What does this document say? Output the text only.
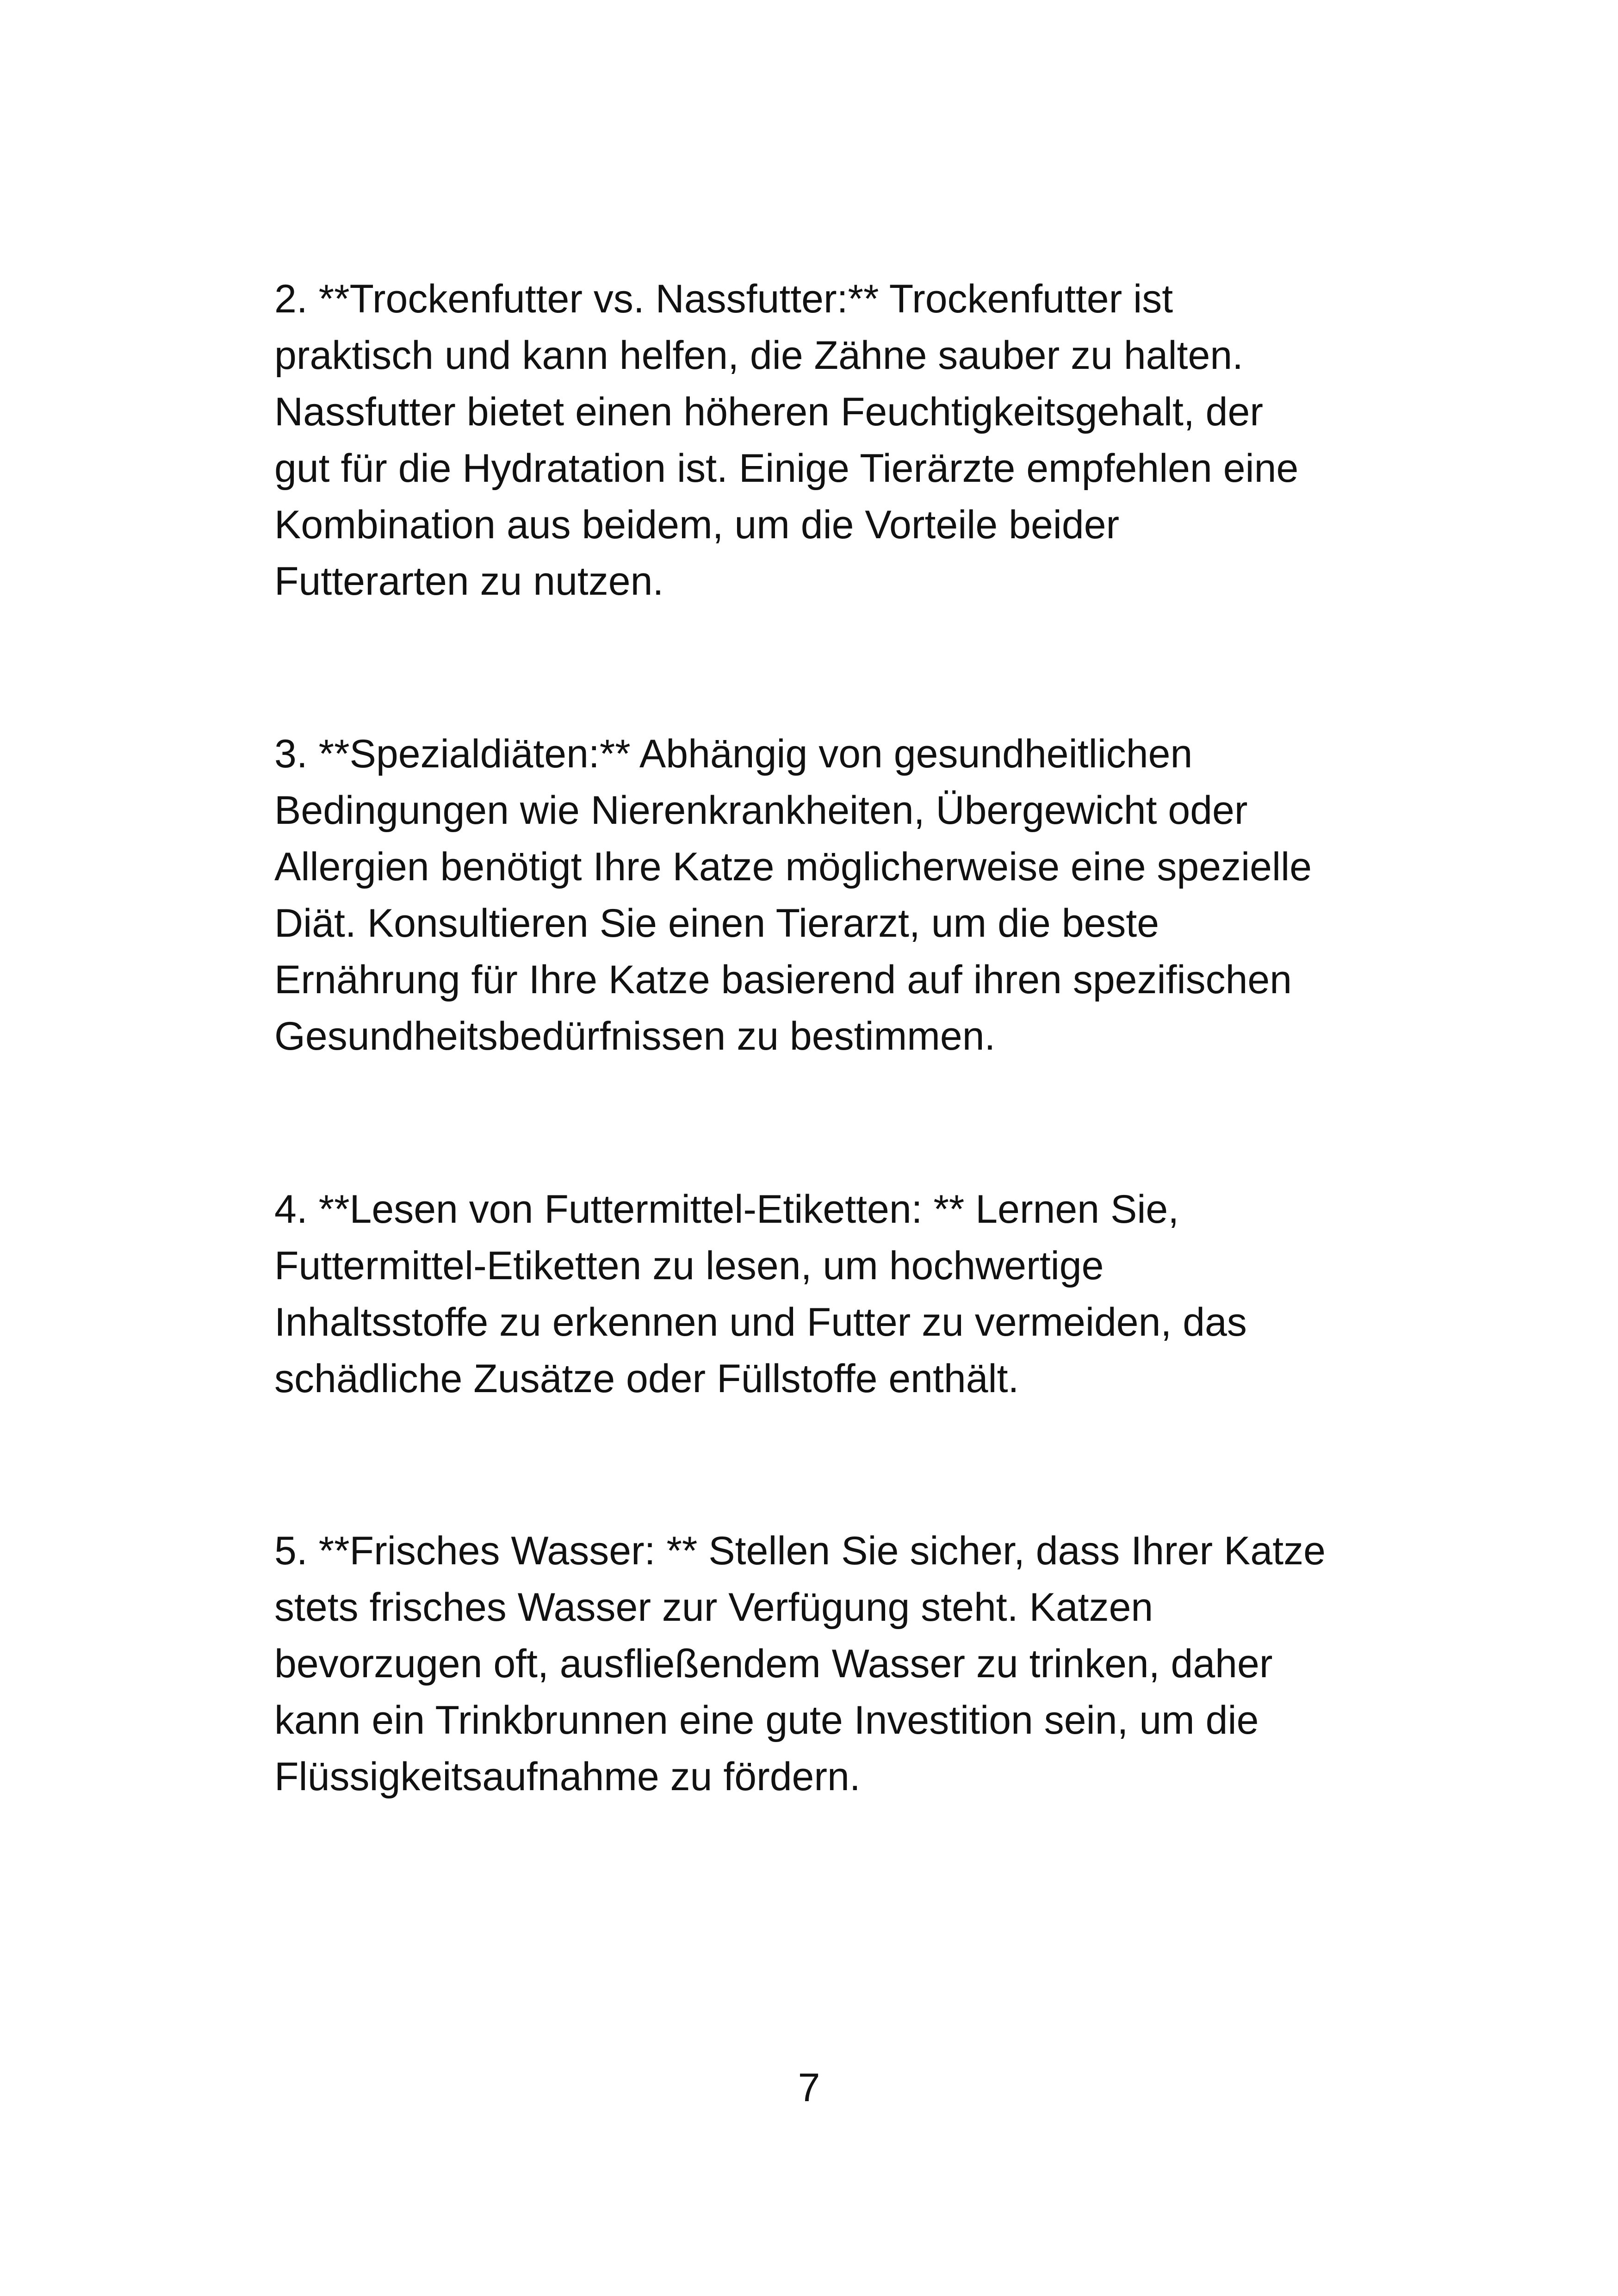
2. **Trockenfutter vs. Nassfutter:** Trockenfutter ist
praktisch und kann helfen, die Zähne sauber zu halten.
Nassfutter bietet einen höheren Feuchtigkeitsgehalt, der
gut für die Hydratation ist. Einige Tierärzte empfehlen eine
Kombination aus beidem, um die Vorteile beider
Futterarten zu nutzen.

3. **Spezialdiäten:** Abhängig von gesundheitlichen
Bedingungen wie Nierenkrankheiten, Übergewicht oder
Allergien benötigt Ihre Katze möglicherweise eine spezielle
Diät. Konsultieren Sie einen Tierarzt, um die beste
Ernährung für Ihre Katze basierend auf ihren spezifischen
Gesundheitsbedürfnissen zu bestimmen.

4. **Lesen von Futtermittel-Etiketten: ** Lernen Sie,
Futtermittel-Etiketten zu lesen, um hochwertige
Inhaltsstoffe zu erkennen und Futter zu vermeiden, das
schädliche Zusätze oder Füllstoffe enthält.

5. **Frisches Wasser: ** Stellen Sie sicher, dass Ihrer Katze
stets frisches Wasser zur Verfügung steht. Katzen
bevorzugen oft, ausfließendem Wasser zu trinken, daher
kann ein Trinkbrunnen eine gute Investition sein, um die
Flüssigkeitsaufnahme zu fördern.

7
